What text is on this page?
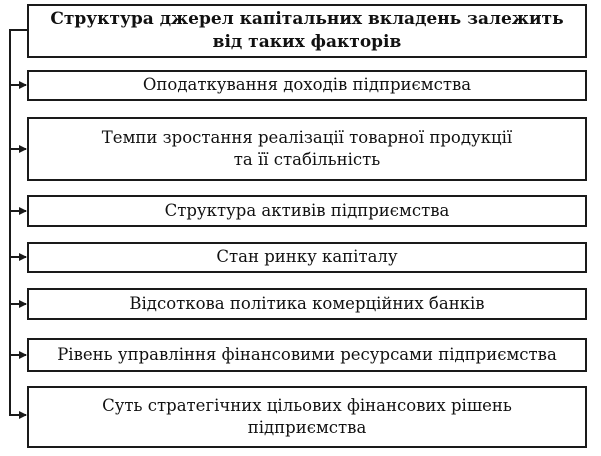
Структура джерел капітальних вкладень залежить
від таких факторів
Оподаткування доходів підприємства
Темпи зростання реалізації товарної продукції
та її стабільність
Структура активів підприємства
Стан ринку капіталу
Відсоткова політика комерційних банків
Рівень управління фінансовими ресурсами підприємства
Суть стратегічних цільових фінансових рішень
підприємства
